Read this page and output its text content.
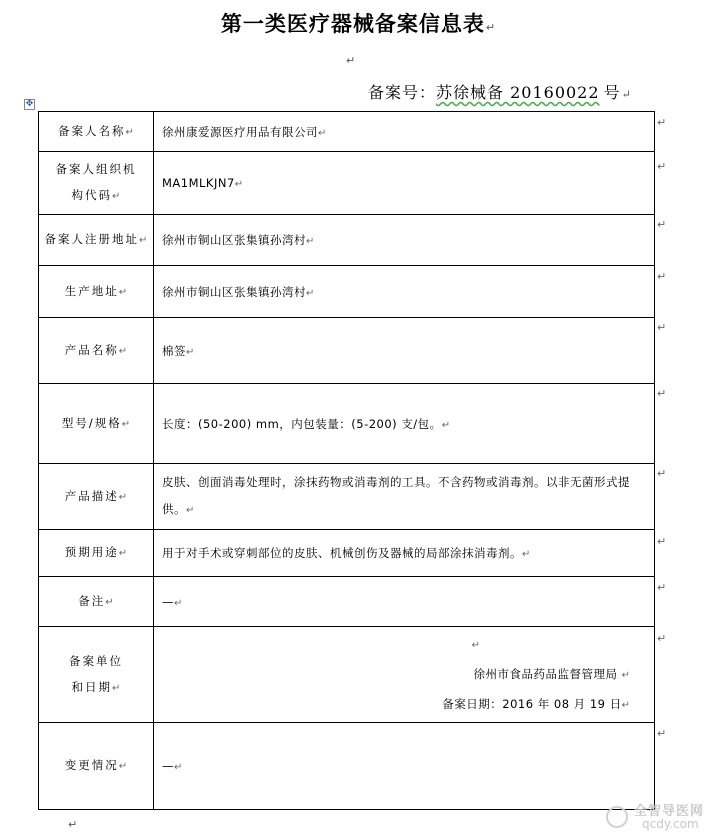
第一类医疗器械备案信息表↵
↵
备案号：苏徐械备 20160022 号↵
✥
备案人名称↵	徐州康爱源医疗用品有限公司↵

备案人组织机构代码↵	MA1MLKJN7↵
备案人注册地址↵	徐州市铜山区张集镇孙湾村↵
生产地址↵	徐州市铜山区张集镇孙湾村↵
产品名称↵	棉签↵
型号/规格↵	长度：(50-200) mm，内包装量：(5-200) 支/包。↵
产品描述↵	皮肤、创面消毒处理时，涂抹药物或消毒剂的工具。不含药物或消毒剂。以非无菌形式提供。↵
预期用途↵	用于对手术或穿刺部位的皮肤、机械创伤及器械的局部涂抹消毒剂。↵
备注↵	—↵

备案单位和日期↵	↵
徐州市食品药品监督管理局 ↵
备案日期：2016 年 08 月 19 日↵

变更情况↵	—↵
↵
↵
↵
↵
↵
↵
↵
↵
↵
↵
↵
↵
全智导医网
qcdy.com
